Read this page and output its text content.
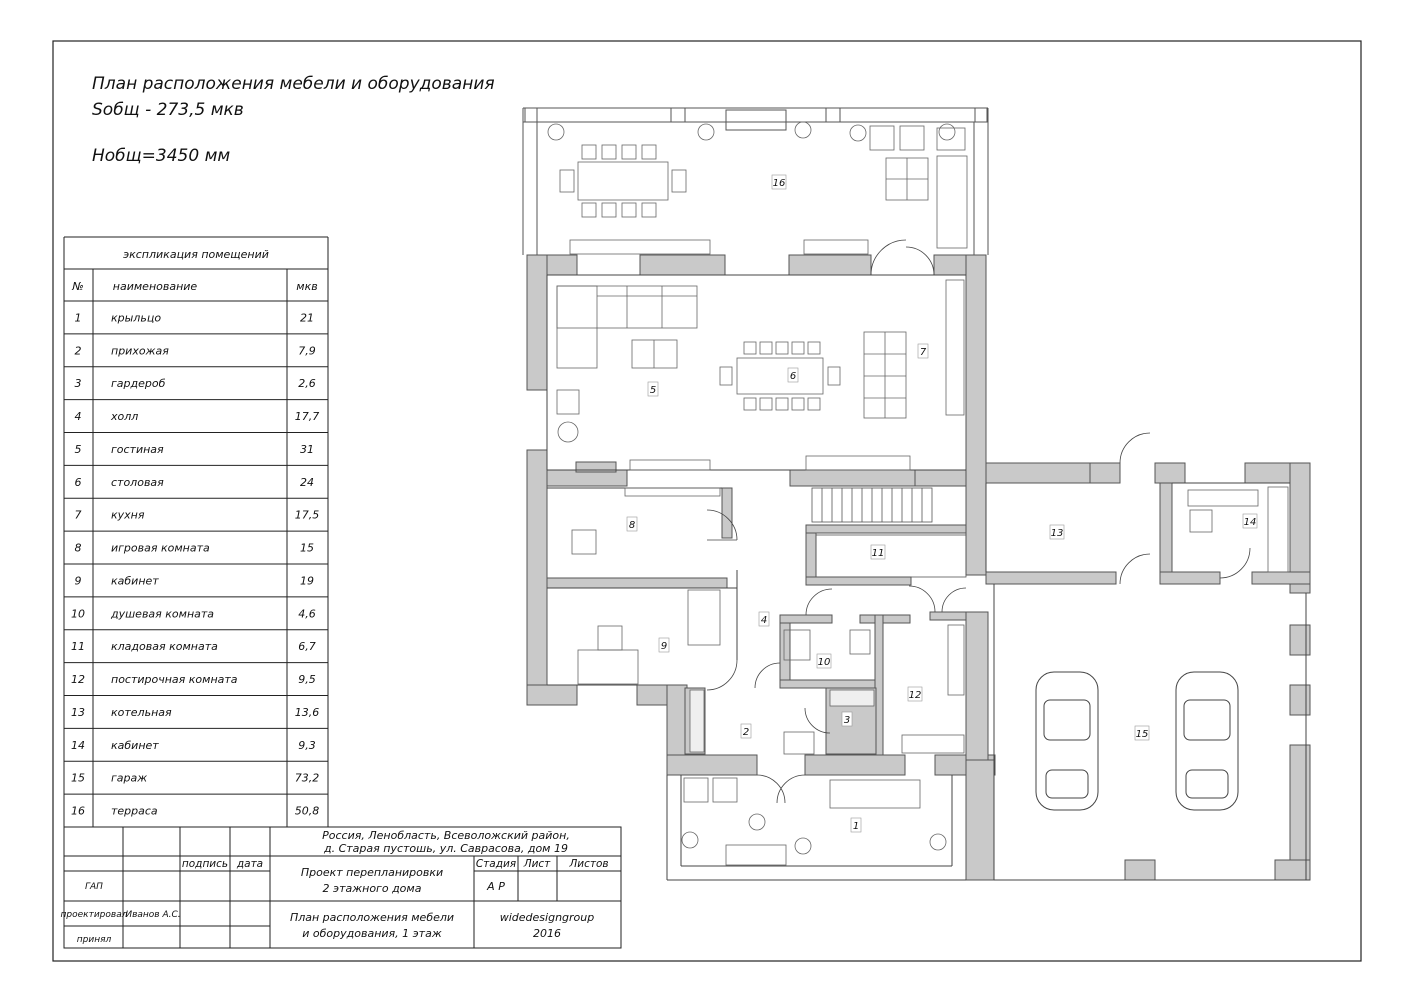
План расположения мебели и оборудования
Sобщ - 273,5 мкв
Нобщ=3450 мм
экспликация помещений
№	наименование	мкв
1	крыльцо	21
2	прихожая	7,9
3	гардероб	2,6
4	холл	17,7
5	гостиная	31
6	столовая	24
7	кухня	17,5
8	игровая комната	15
9	кабинет	19
10 душевая комната	4,6
11 кладовая комната	6,7
12 постирочная комната	9,5
13 котельная	13,6
14 кабинет	9,3
15 гараж	73,2
16 терраса	50,8
Россия, Ленобласть, Всеволожский район,
д. Старая пустошь, ул. Саврасова, дом 19
подпись дата
ГАП
проектировал
Иванов А.С.
принял
Проект перепланировки
2 этажного дома
Стадия Лист Листов
А Р
План расположения мебели
и оборудования, 1 этаж
widedesigngroup
2016
1
2
3
4
5
6
7
8
9
10
11
12
13
14
15
16
